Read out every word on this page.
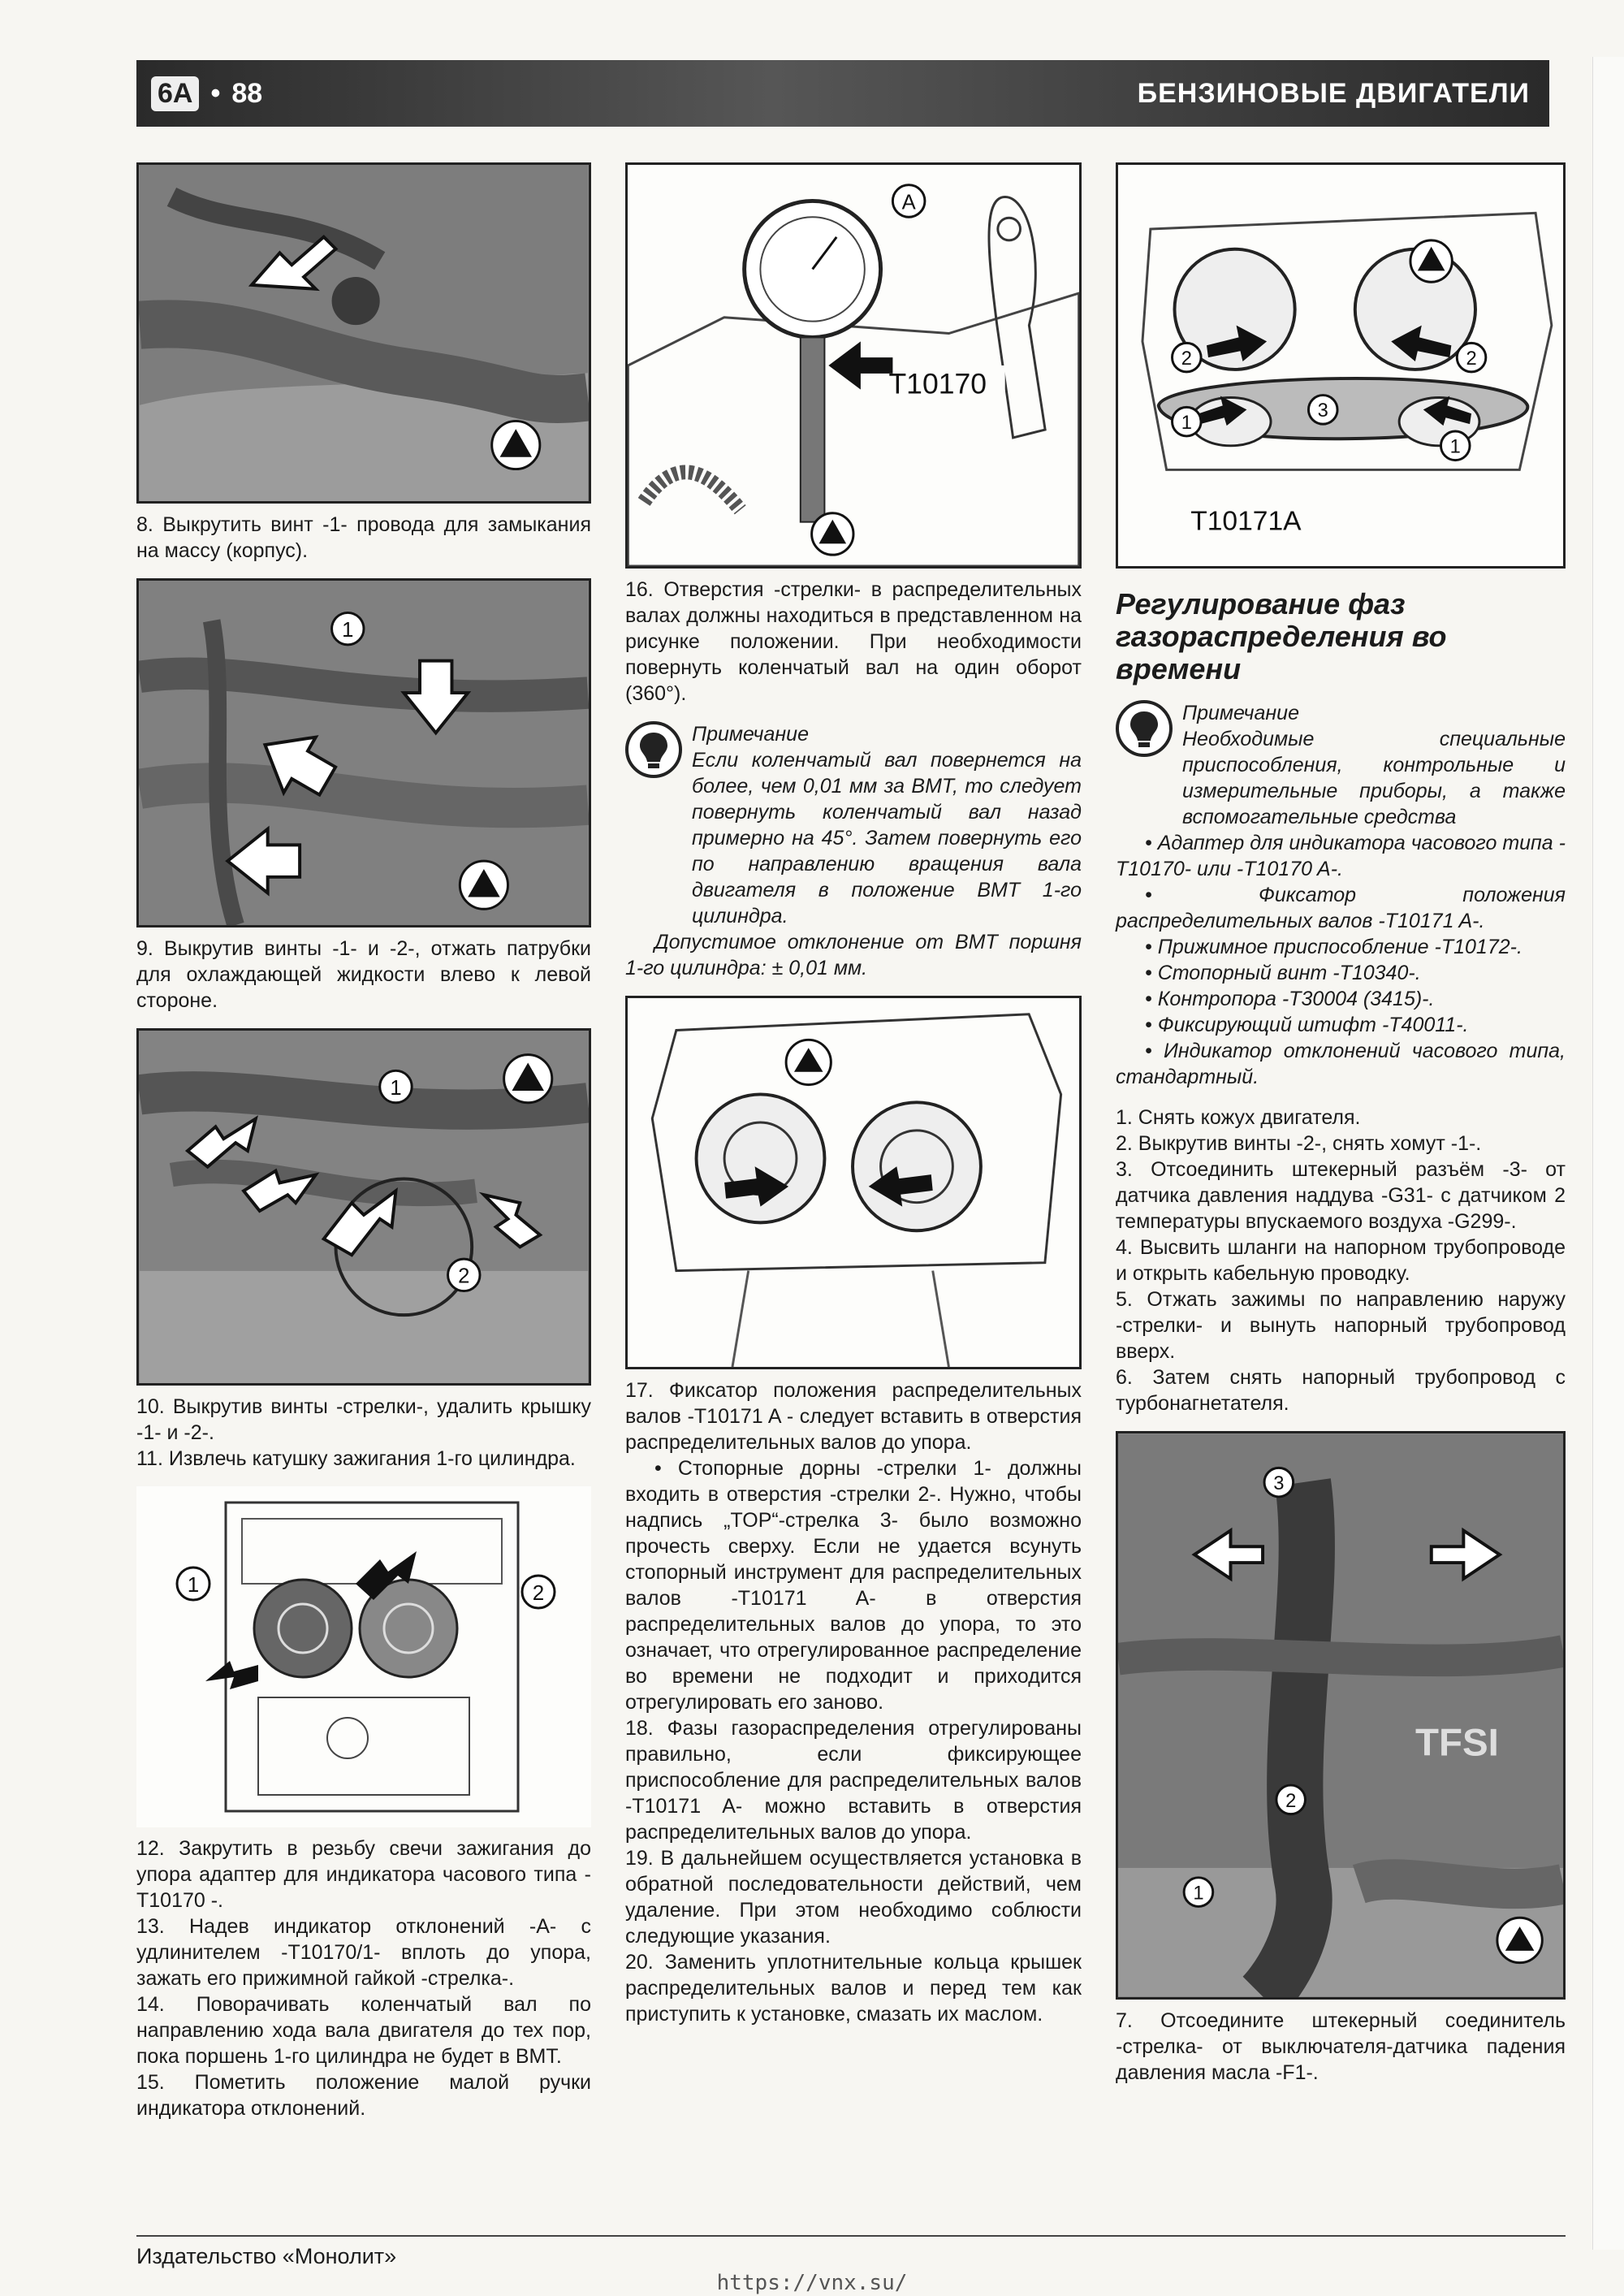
6A • 88	БЕНЗИНОВЫЕ ДВИГАТЕЛИ

8. Выкрутить винт -1- провода для замыкания на массу (корпус).

1

9. Выкрутив винты -1- и -2-, отжать патрубки для охлаждающей жидкости влево к левой стороне.

1
2

10. Выкрутив винты -стрелки-, удалить крышку -1- и -2-.

11. Извлечь катушку зажигания 1-го цилиндра.

1	2

12. Закрутить в резьбу свечи зажигания до упора адаптер для индикатора часового типа -T10170 -.

13. Надев индикатор отклонений -А- с удлинителем -T10170/1- вплоть до упора, зажать его прижимной гайкой -стрелка-.

14. Поворачивать коленчатый вал по направлению хода вала двигателя до тех пор, пока поршень 1-го цилиндра не будет в ВМТ.

15. Пометить положение малой ручки индикатора отклонений.

A
T10170

16. Отверстия -стрелки- в распределительных валах должны находиться в представленном на рисунке положении. При необходимости повернуть коленчатый вал на один оборот (360°).

Примечание

Если коленчатый вал повернется на более, чем 0,01 мм за ВМТ, то следует повернуть коленчатый вал назад примерно на 45°. Затем повернуть его по направлению вращения вала двигателя в положение ВМТ 1-го цилиндра.

Допустимое отклонение от ВМТ поршня 1-го цилиндра: ± 0,01 мм.

17. Фиксатор положения распределительных валов -T10171 A - следует вставить в отверстия распределительных валов до упора.

• Стопорные дорны -стрелки 1- должны входить в отверстия -стрелки 2-. Нужно, чтобы надпись „TOP“-стрелка 3- было возможно прочесть сверху. Если не удается всунуть стопорный инструмент для распределительных валов -T10171 A- в отверстия распределительных валов до упора, то это означает, что отрегулированное распределение во времени не подходит и приходится отрегулировать его заново.

18. Фазы газораспределения отрегулированы правильно, если фиксирующее приспособление для распределительных валов -T10171 A- можно вставить в отверстия распределительных валов до упора.

19. В дальнейшем осуществляется установка в обратной последовательности действий, чем удаление. При этом необходимо соблюсти следующие указания.

20. Заменить уплотнительные кольца крышек распределительных валов и перед тем как приступить к установке, смазать их маслом.

2	2
3
1
1
T10171A
Регулирование фаз газораспределения во времени
Примечание

Необходимые специальные приспособления, контрольные и измерительные приборы, а также вспомогательные средства

• Адаптер для индикатора часового типа -T10170- или -T10170 A-.

• Фиксатор положения распределительных валов -T10171 A-.

• Прижимное приспособление -T10172-.

• Стопорный винт -T10340-.

• Контропора -T30004 (3415)-.

• Фиксирующий штифт -T40011-.

• Индикатор отклонений часового типа, стандартный.

1. Снять кожух двигателя.

2. Выкрутив винты -2-, снять хомут -1-.

3. Отсоединить штекерный разъём -3- от датчика давления наддува -G31- с датчиком 2 температуры впускаемого воздуха -G299-.

4. Высвить шланги на напорном трубопроводе и открыть кабельную проводку.

5. Отжать зажимы по направлению наружу -стрелки- и вынуть напорный трубопровод вверх.

6. Затем снять напорный трубопровод с турбонагнетателя.

TFSI
3
2
1

7. Отсоедините штекерный соединитель -стрелка- от выключателя-датчика падения давления масла -F1-.

Издательство «Монолит»
https://vnx.su/
